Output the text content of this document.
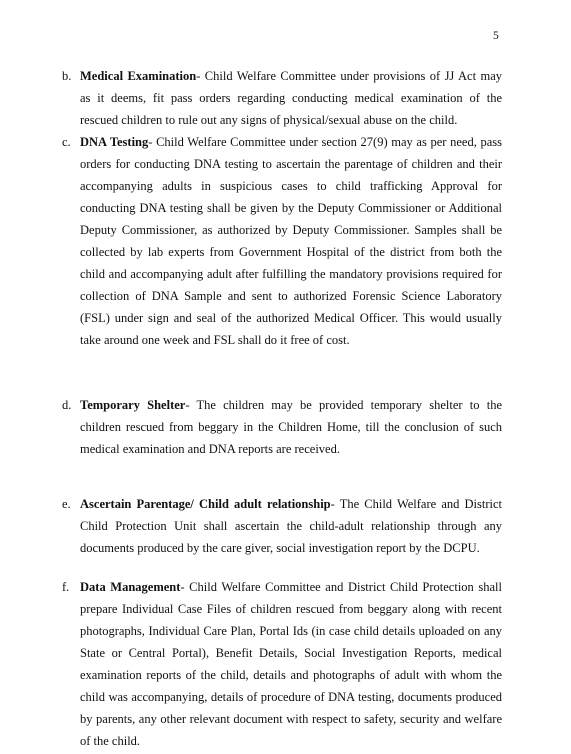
5
b. Medical Examination- Child Welfare Committee under provisions of JJ Act may as it deems, fit pass orders regarding conducting medical examination of the rescued children to rule out any signs of physical/sexual abuse on the child.

c. DNA Testing- Child Welfare Committee under section 27(9) may as per need, pass orders for conducting DNA testing to ascertain the parentage of children and their accompanying adults in suspicious cases to child trafficking Approval for conducting DNA testing shall be given by the Deputy Commissioner or Additional Deputy Commissioner, as authorized by Deputy Commissioner. Samples shall be collected by lab experts from Government Hospital of the district from both the child and accompanying adult after fulfilling the mandatory provisions required for collection of DNA Sample and sent to authorized Forensic Science Laboratory (FSL) under sign and seal of the authorized Medical Officer. This would usually take around one week and FSL shall do it free of cost.

d. Temporary Shelter- The children may be provided temporary shelter to the children rescued from beggary in the Children Home, till the conclusion of such medical examination and DNA reports are received.

e. Ascertain Parentage/ Child adult relationship- The Child Welfare and District Child Protection Unit shall ascertain the child-adult relationship through any documents produced by the care giver, social investigation report by the DCPU.

f. Data Management- Child Welfare Committee and District Child Protection shall prepare Individual Case Files of children rescued from beggary along with recent photographs, Individual Care Plan, Portal Ids (in case child details uploaded on any State or Central Portal), Benefit Details, Social Investigation Reports, medical examination reports of the child, details and photographs of adult with whom the child was accompanying, details of procedure of DNA testing, documents produced by parents, any other relevant document with respect to safety, security and welfare of the child.
